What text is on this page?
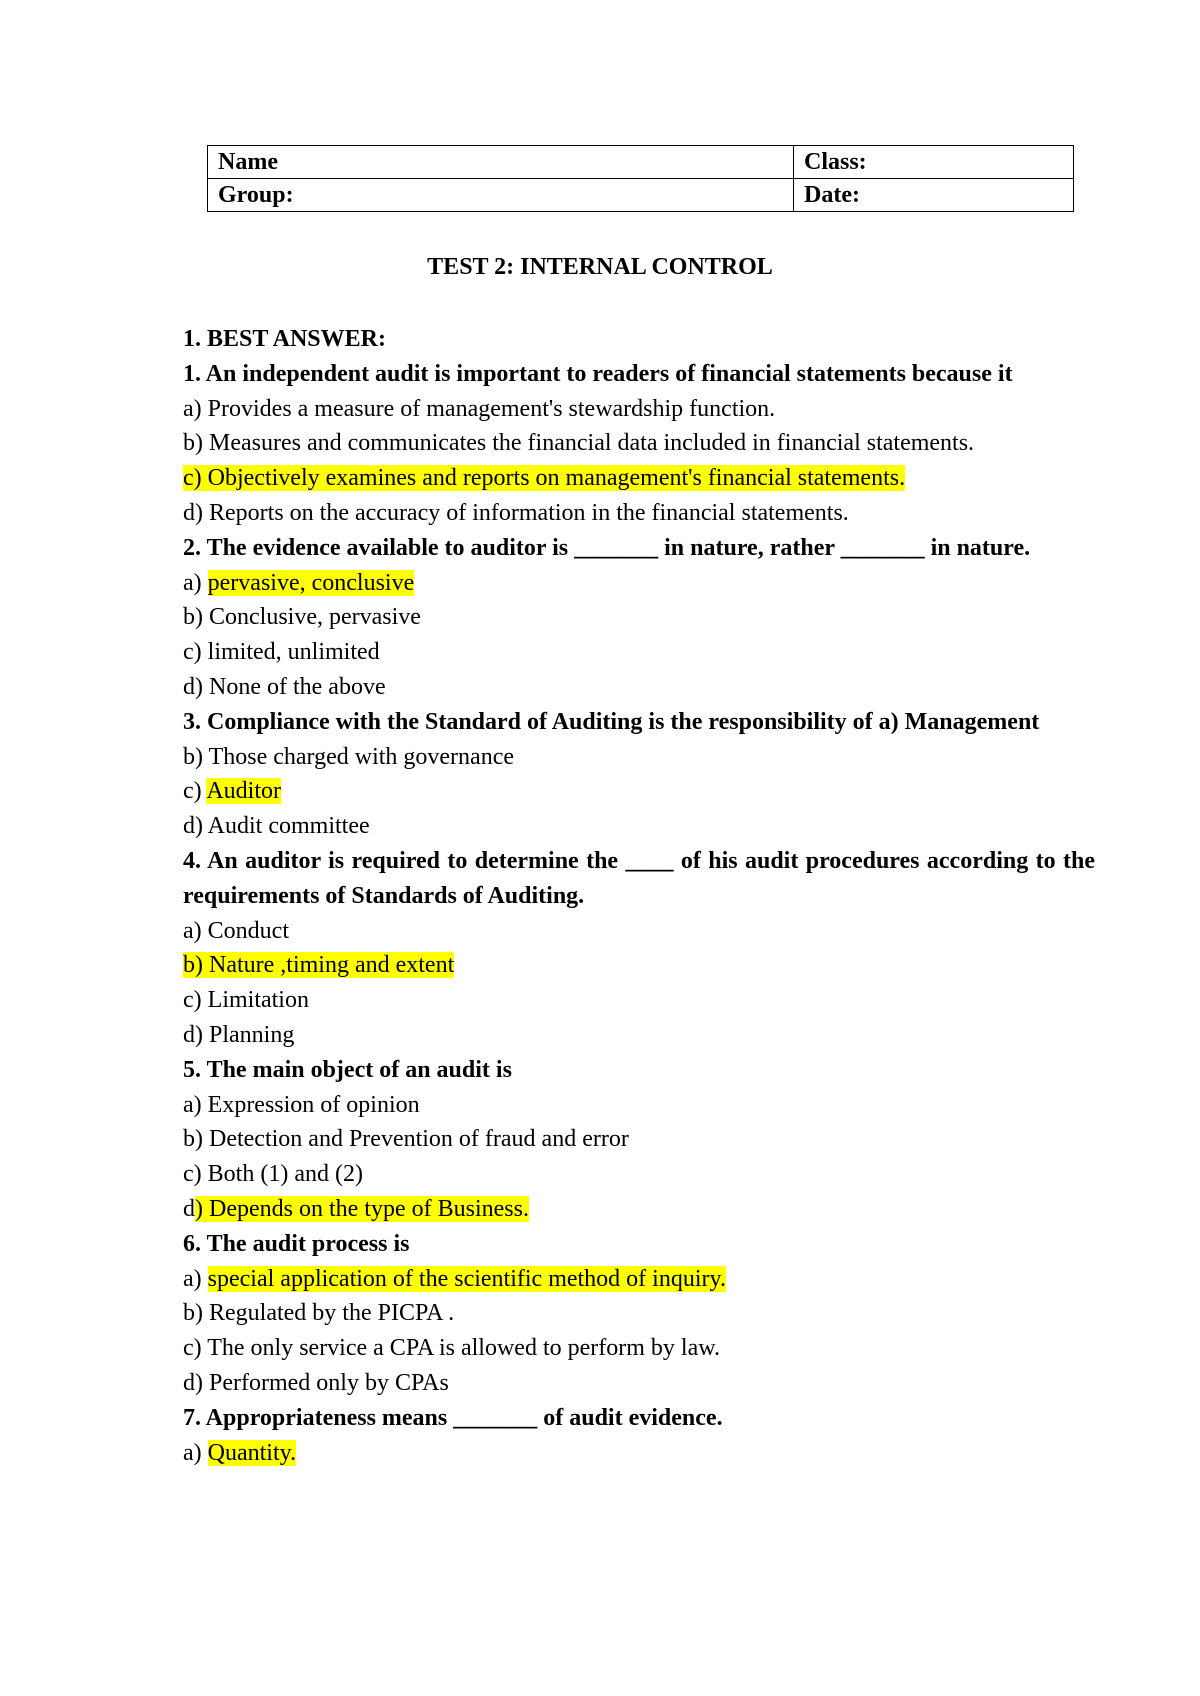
Name	Class:
Group:	Date:
TEST 2: INTERNAL CONTROL
1. BEST ANSWER:
1. An independent audit is important to readers of financial statements because it
a) Provides a measure of management's stewardship function.
b) Measures and communicates the financial data included in financial statements.
c) Objectively examines and reports on management's financial statements.
d) Reports on the accuracy of information in the financial statements.
2. The evidence available to auditor is _______ in nature, rather _______ in nature.
a) pervasive, conclusive
b) Conclusive, pervasive
c) limited, unlimited
d) None of the above
3. Compliance with the Standard of Auditing is the responsibility of a) Management
b) Those charged with governance
c) Auditor
d) Audit committee
4. An auditor is required to determine the ____ of his audit procedures according to the requirements of Standards of Auditing.
a) Conduct
b) Nature ,timing and extent
c) Limitation
d) Planning
5. The main object of an audit is
a) Expression of opinion
b) Detection and Prevention of fraud and error
c) Both (1) and (2)
d) Depends on the type of Business.
6. The audit process is
a) special application of the scientific method of inquiry.
b) Regulated by the PICPA .
c) The only service a CPA is allowed to perform by law.
d) Performed only by CPAs
7. Appropriateness means _______ of audit evidence.
a) Quantity.
